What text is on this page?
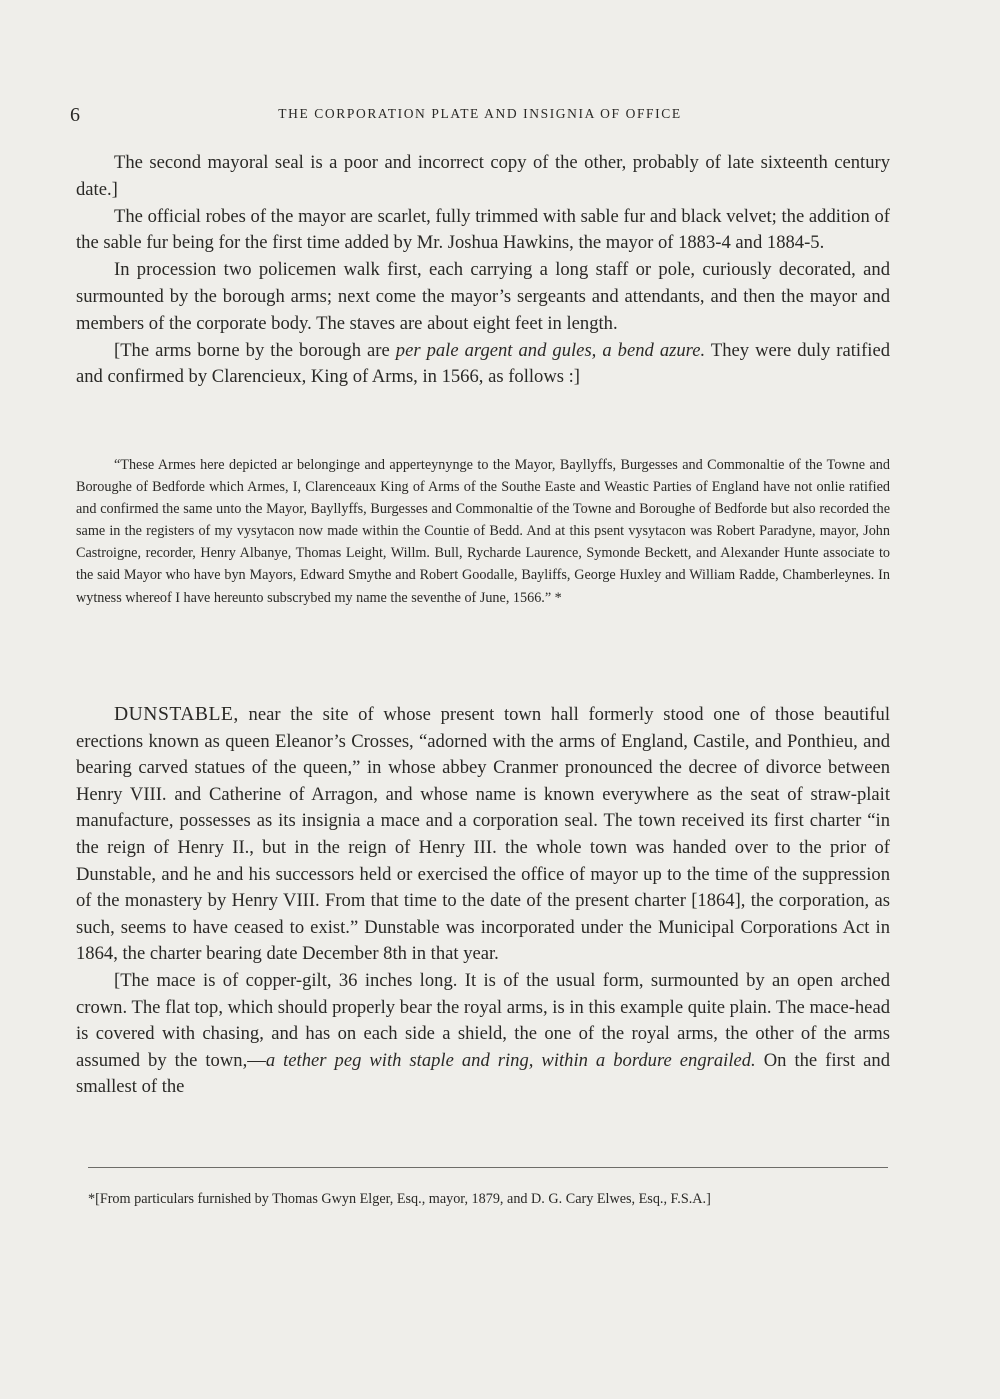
6	THE CORPORATION PLATE AND INSIGNIA OF OFFICE

The second mayoral seal is a poor and incorrect copy of the other, probably of late sixteenth century date.]

The official robes of the mayor are scarlet, fully trimmed with sable fur and black velvet; the addition of the sable fur being for the first time added by Mr. Joshua Hawkins, the mayor of 1883-4 and 1884-5.

In procession two policemen walk first, each carrying a long staff or pole, curiously decorated, and surmounted by the borough arms; next come the mayor’s sergeants and attendants, and then the mayor and members of the corporate body. The staves are about eight feet in length.

[The arms borne by the borough are per pale argent and gules, a bend azure. They were duly ratified and confirmed by Clarencieux, King of Arms, in 1566, as follows :]

“These Armes here depicted ar belonginge and apperteynynge to the Mayor, Bayllyffs, Burgesses and Commonaltie of the Towne and Boroughe of Bedforde which Armes, I, Clarenceaux King of Arms of the Southe Easte and Weastic Parties of England have not onlie ratified and confirmed the same unto the Mayor, Bayllyffs, Burgesses and Commonaltie of the Towne and Boroughe of Bedforde but also recorded the same in the registers of my vysytacon now made within the Countie of Bedd. And at this psent vysytacon was Robert Paradyne, mayor, John Castroigne, recorder, Henry Albanye, Thomas Leight, Willm. Bull, Rycharde Laurence, Symonde Beckett, and Alexander Hunte associate to the said Mayor who have byn Mayors, Edward Smythe and Robert Goodalle, Bayliffs, George Huxley and William Radde, Chamberleynes. In wytness whereof I have hereunto subscrybed my name the seventhe of June, 1566.” *

DUNSTABLE, near the site of whose present town hall formerly stood one of those beautiful erections known as queen Eleanor’s Crosses, “adorned with the arms of England, Castile, and Ponthieu, and bearing carved statues of the queen,” in whose abbey Cranmer pronounced the decree of divorce between Henry VIII. and Catherine of Arragon, and whose name is known everywhere as the seat of straw-plait manufacture, possesses as its insignia a mace and a corporation seal. The town received its first charter “in the reign of Henry II., but in the reign of Henry III. the whole town was handed over to the prior of Dunstable, and he and his successors held or exercised the office of mayor up to the time of the suppression of the monastery by Henry VIII. From that time to the date of the present charter [1864], the corporation, as such, seems to have ceased to exist.” Dunstable was incorporated under the Municipal Corporations Act in 1864, the charter bearing date December 8th in that year.

[The mace is of copper-gilt, 36 inches long. It is of the usual form, surmounted by an open arched crown. The flat top, which should properly bear the royal arms, is in this example quite plain. The mace-head is covered with chasing, and has on each side a shield, the one of the royal arms, the other of the arms assumed by the town,—a tether peg with staple and ring, within a bordure engrailed. On the first and smallest of the

*[From particulars furnished by Thomas Gwyn Elger, Esq., mayor, 1879, and D. G. Cary Elwes, Esq., F.S.A.]
